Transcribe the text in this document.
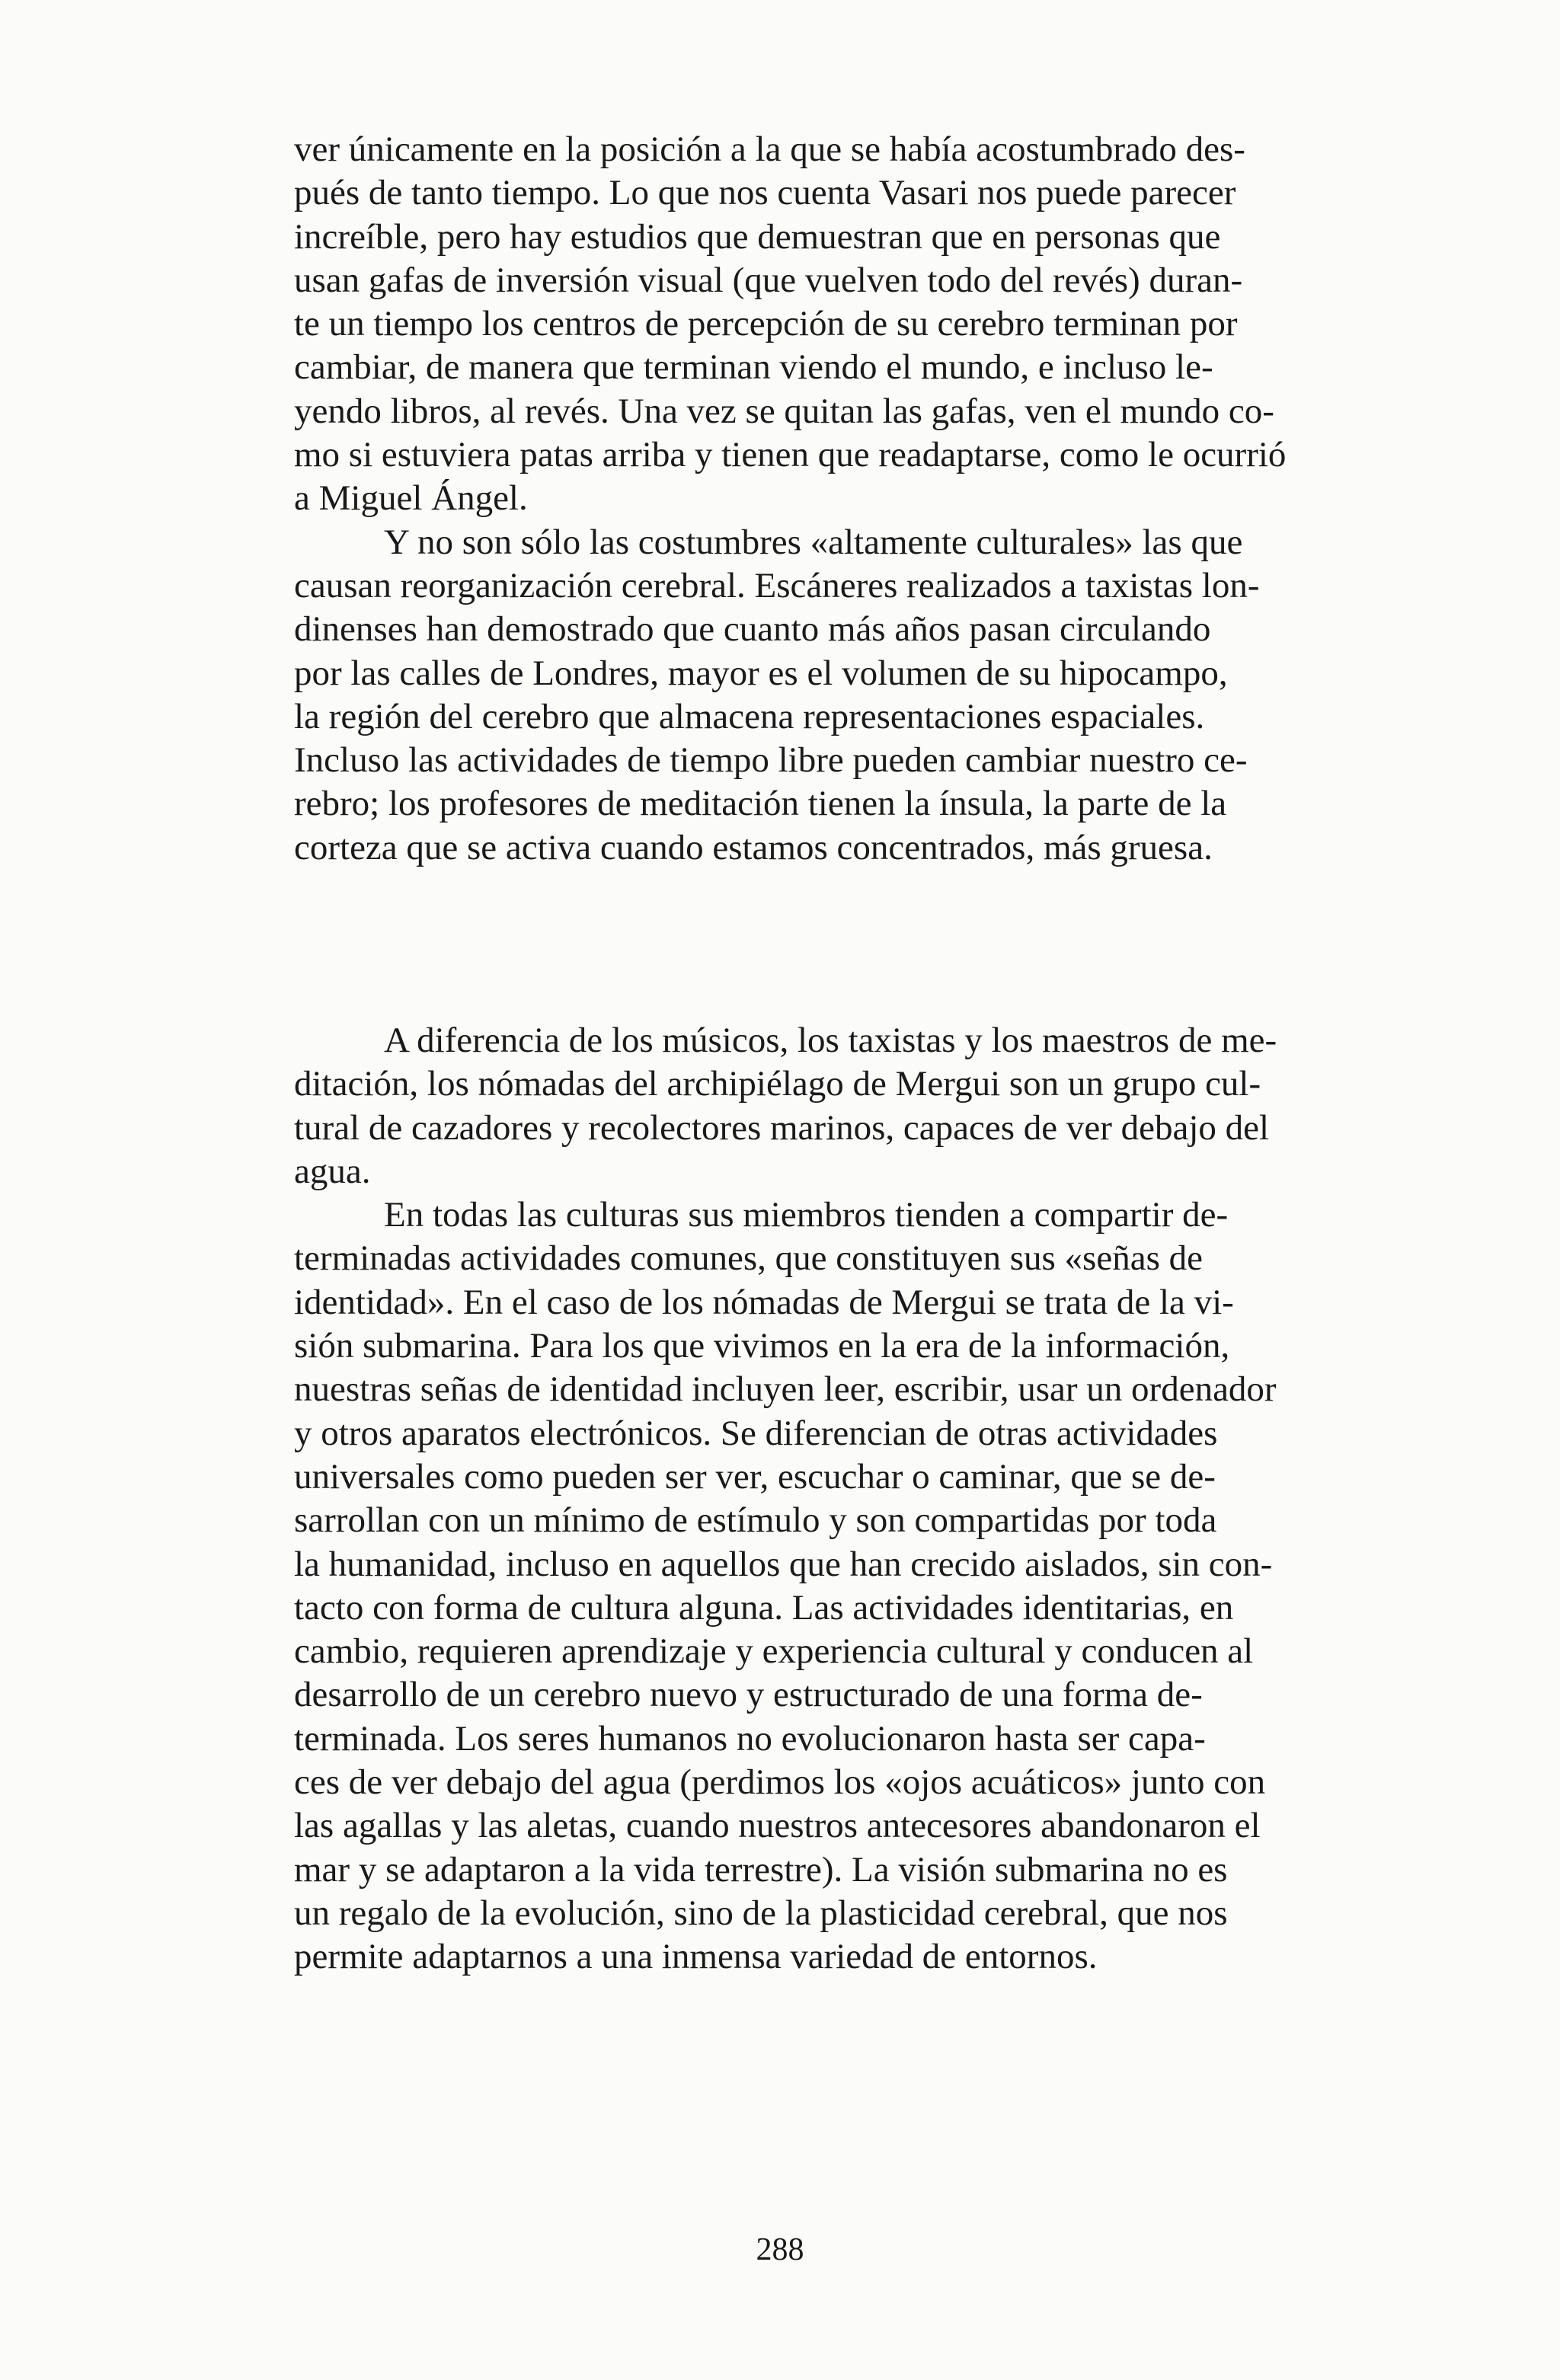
ver únicamente en la posición a la que se había acostumbrado des-
pués de tanto tiempo. Lo que nos cuenta Vasari nos puede parecer
increíble, pero hay estudios que demuestran que en personas que
usan gafas de inversión visual (que vuelven todo del revés) duran-
te un tiempo los centros de percepción de su cerebro terminan por
cambiar, de manera que terminan viendo el mundo, e incluso le-
yendo libros, al revés. Una vez se quitan las gafas, ven el mundo co-
mo si estuviera patas arriba y tienen que readaptarse, como le ocurrió
a Miguel Ángel.
Y no son sólo las costumbres «altamente culturales» las que
causan reorganización cerebral. Escáneres realizados a taxistas lon-
dinenses han demostrado que cuanto más años pasan circulando
por las calles de Londres, mayor es el volumen de su hipocampo,
la región del cerebro que almacena representaciones espaciales.
Incluso las actividades de tiempo libre pueden cambiar nuestro ce-
rebro; los profesores de meditación tienen la ínsula, la parte de la
corteza que se activa cuando estamos concentrados, más gruesa.
A diferencia de los músicos, los taxistas y los maestros de me-
ditación, los nómadas del archipiélago de Mergui son un grupo cul-
tural de cazadores y recolectores marinos, capaces de ver debajo del
agua.
En todas las culturas sus miembros tienden a compartir de-
terminadas actividades comunes, que constituyen sus «señas de
identidad». En el caso de los nómadas de Mergui se trata de la vi-
sión submarina. Para los que vivimos en la era de la información,
nuestras señas de identidad incluyen leer, escribir, usar un ordenador
y otros aparatos electrónicos. Se diferencian de otras actividades
universales como pueden ser ver, escuchar o caminar, que se de-
sarrollan con un mínimo de estímulo y son compartidas por toda
la humanidad, incluso en aquellos que han crecido aislados, sin con-
tacto con forma de cultura alguna. Las actividades identitarias, en
cambio, requieren aprendizaje y experiencia cultural y conducen al
desarrollo de un cerebro nuevo y estructurado de una forma de-
terminada. Los seres humanos no evolucionaron hasta ser capa-
ces de ver debajo del agua (perdimos los «ojos acuáticos» junto con
las agallas y las aletas, cuando nuestros antecesores abandonaron el
mar y se adaptaron a la vida terrestre). La visión submarina no es
un regalo de la evolución, sino de la plasticidad cerebral, que nos
permite adaptarnos a una inmensa variedad de entornos.
288
